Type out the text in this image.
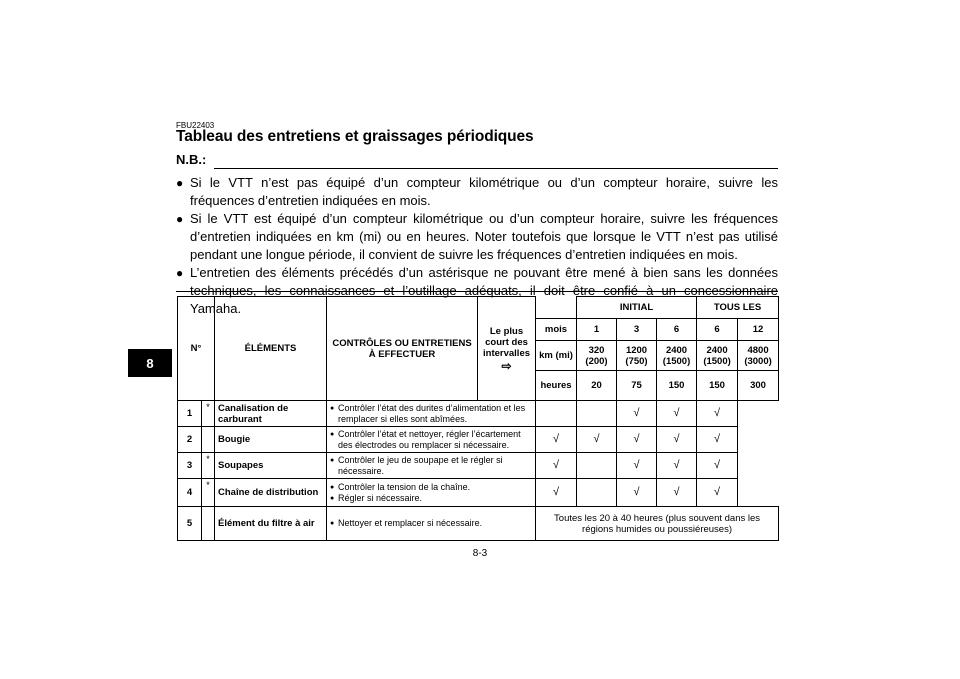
FBU22403
Tableau des entretiens et graissages périodiques
N.B.:
● Si le VTT n’est pas équipé d’un compteur kilométrique ou d’un compteur horaire, suivre les fréquences d’entretien indiquées en mois.
● Si le VTT est équipé d’un compteur kilométrique ou d’un compteur horaire, suivre les fréquences d’entretien indiquées en km (mi) ou en heures. Noter toutefois que lorsque le VTT n’est pas utilisé pendant une longue période, il convient de suivre les fréquences d’entretien indiquées en mois.
● L’entretien des éléments précédés d’un astérisque ne pouvant être mené à bien sans les données techniques, les connaissances et l’outillage adéquats, il doit être confié à un concessionnaire Yamaha.
8
N°		ÉLÉMENTS	CONTRÔLES OU ENTRETIENS À EFFECTUER	Le plus court des intervalles
⇨		INITIAL			TOUS LES	
					mois	1	3	6	6	12
					km (mi)	320 (200)	1200 (750)	2400 (1500)	2400 (1500)	4800 (3000)
					heures	20	75	150	150	300
1	*	Canalisation de carburant	● Contrôler l’état des durites d’alimentation et les remplacer si elles sont abîmées.				√	√	√	
2		Bougie	● Contrôler l’état et nettoyer, régler l’écartement des électrodes ou remplacer si nécessaire.		√	√	√	√	√	
3	*	Soupapes	● Contrôler le jeu de soupape et le régler si nécessaire.		√		√	√	√	
4	*	Chaîne de distribution	● Contrôler la tension de la chaîne.
● Régler si nécessaire.		√		√	√	√	
5		Élément du filtre à air	● Nettoyer et remplacer si nécessaire.		Toutes les 20 à 40 heures (plus souvent dans les régions humides ou poussiéreuses)					
8-3
